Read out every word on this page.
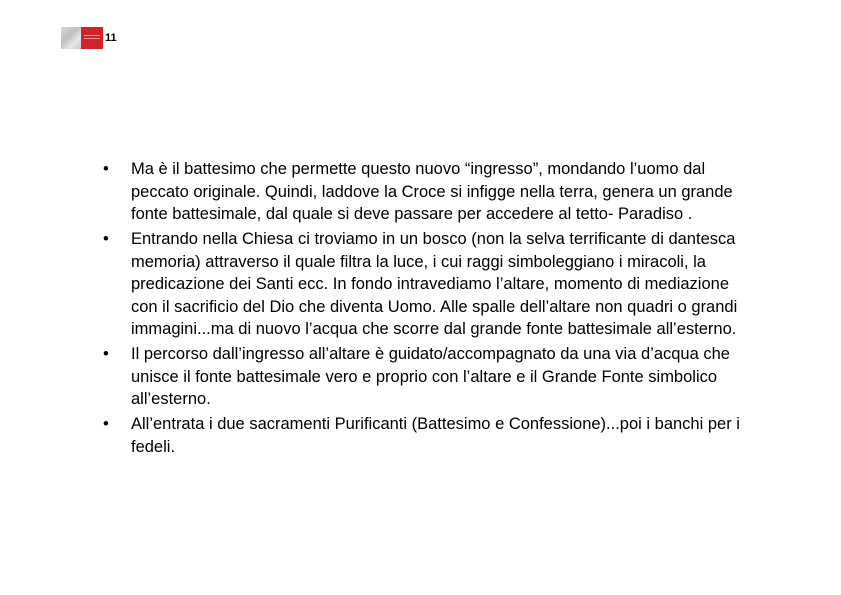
11
• Ma è il battesimo che permette questo nuovo “ingresso”, mondando l’uomo dal peccato originale. Quindi, laddove la Croce si infigge nella terra, genera un grande fonte battesimale, dal quale si deve passare per accedere al tetto- Paradiso .
• Entrando nella Chiesa ci troviamo in un bosco (non la selva terrificante di dantesca memoria) attraverso il quale filtra la luce, i cui raggi simboleggiano i miracoli, la predicazione dei Santi ecc. In fondo intravediamo l’altare, momento di mediazione con il sacrificio del Dio che diventa Uomo. Alle spalle dell’altare non quadri o grandi immagini...ma di nuovo l’acqua che scorre dal grande fonte battesimale all’esterno.
• Il percorso dall’ingresso all’altare è guidato/accompagnato da una via d’acqua che unisce il fonte battesimale vero e proprio con l’altare e il Grande Fonte simbolico all’esterno.
• All’entrata i due sacramenti Purificanti (Battesimo e Confessione)...poi i banchi per i fedeli.
